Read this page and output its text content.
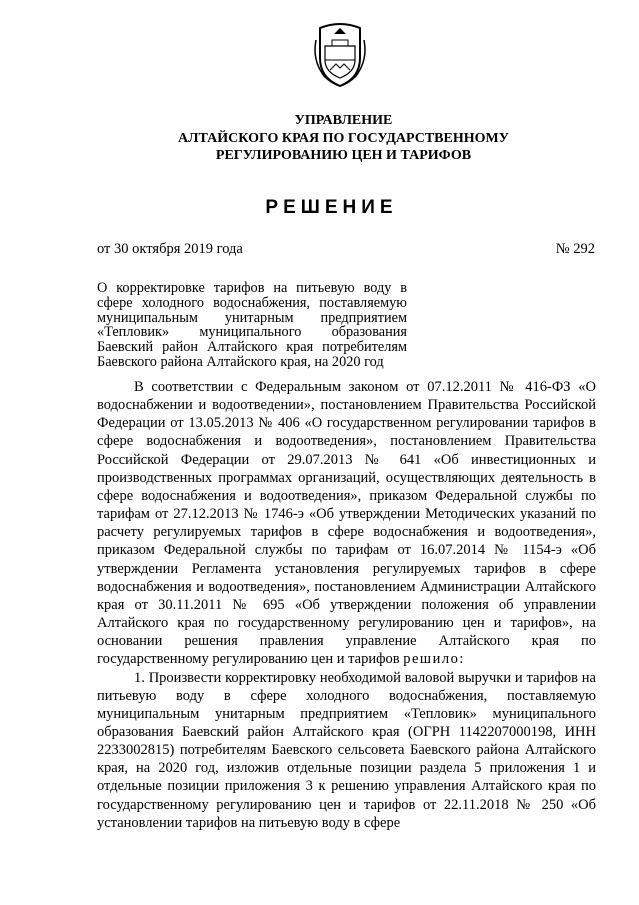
УПРАВЛЕНИЕ
АЛТАЙСКОГО КРАЯ ПО ГОСУДАРСТВЕННОМУ
РЕГУЛИРОВАНИЮ ЦЕН И ТАРИФОВ
РЕШЕНИЕ
от 30 октября 2019 года	№ 292
О корректировке тарифов на питьевую воду в сфере холодного водоснабжения, поставляемую муниципальным унитарным предприятием «Тепловик» муниципального образования Баевский район Алтайского края потребителям Баевского района Алтайского края, на 2020 год

В соответствии с Федеральным законом от 07.12.2011 № 416-ФЗ «О водоснабжении и водоотведении», постановлением Правительства Российской Федерации от 13.05.2013 № 406 «О государственном регулировании тарифов в сфере водоснабжения и водоотведения», постановлением Правительства Российской Федерации от 29.07.2013 № 641 «Об инвестиционных и производственных программах организаций, осуществляющих деятельность в сфере водоснабжения и водоотведения», приказом Федеральной службы по тарифам от 27.12.2013 № 1746-э «Об утверждении Методических указаний по расчету регулируемых тарифов в сфере водоснабжения и водоотведения», приказом Федеральной службы по тарифам от 16.07.2014 № 1154-э «Об утверждении Регламента установления регулируемых тарифов в сфере водоснабжения и водоотведения», постановлением Администрации Алтайского края от 30.11.2011 № 695 «Об утверждении положения об управлении Алтайского края по государственному регулированию цен и тарифов», на основании решения правления управление Алтайского края по государственному регулированию цен и тарифов решило:

1. Произвести корректировку необходимой валовой выручки и тарифов на питьевую воду в сфере холодного водоснабжения, поставляемую муниципальным унитарным предприятием «Тепловик» муниципального образования Баевский район Алтайского края (ОГРН 1142207000198, ИНН 2233002815) потребителям Баевского сельсовета Баевского района Алтайского края, на 2020 год, изложив отдельные позиции раздела 5 приложения 1 и отдельные позиции приложения 3 к решению управления Алтайского края по государственному регулированию цен и тарифов от 22.11.2018 № 250 «Об установлении тарифов на питьевую воду в сфере
